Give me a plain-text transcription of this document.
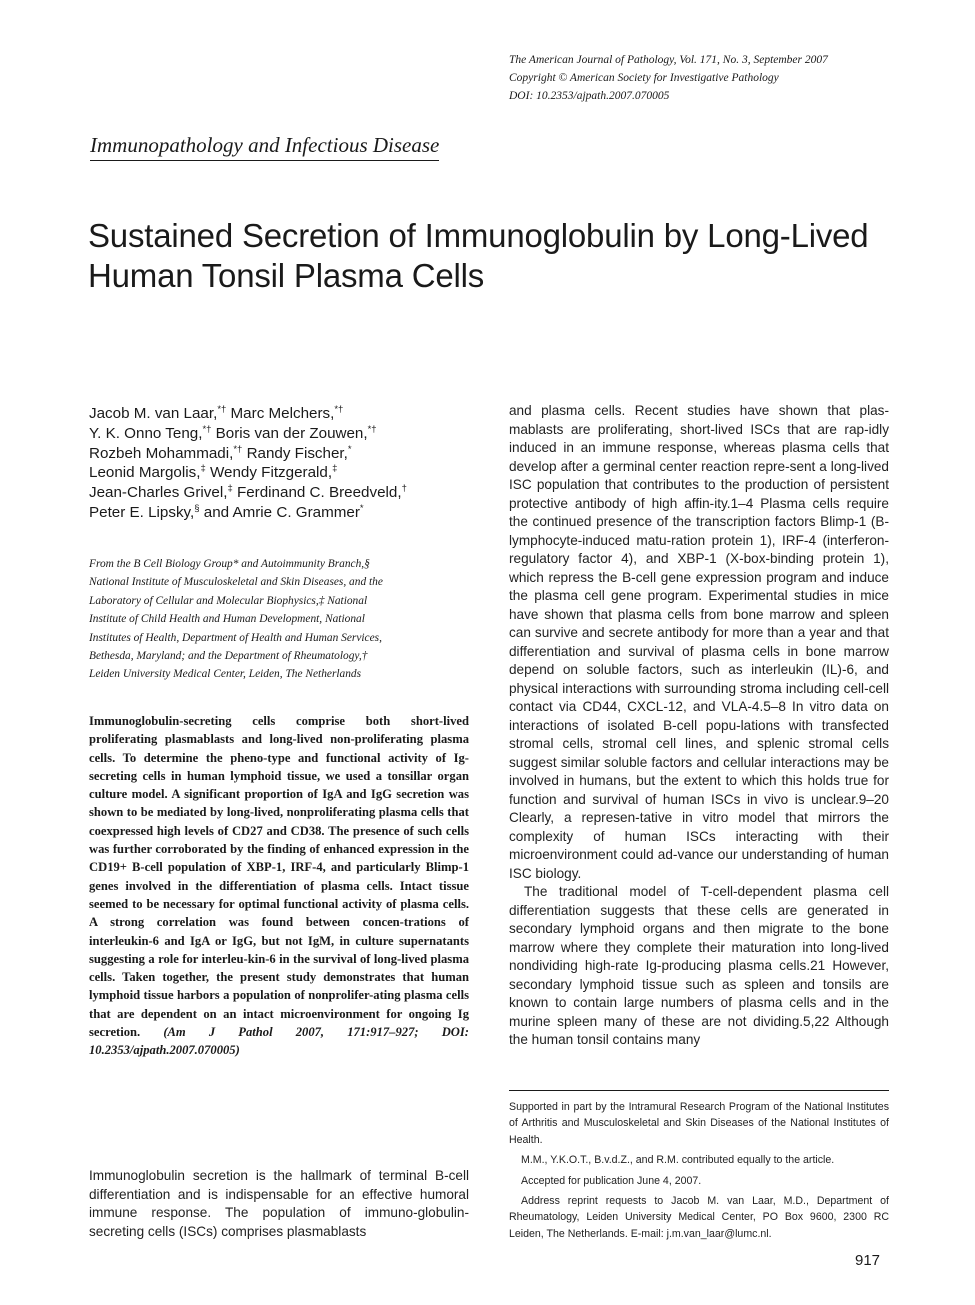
The American Journal of Pathology, Vol. 171, No. 3, September 2007
Copyright © American Society for Investigative Pathology
DOI: 10.2353/ajpath.2007.070005
Immunopathology and Infectious Disease
Sustained Secretion of Immunoglobulin by Long-Lived Human Tonsil Plasma Cells
Jacob M. van Laar,*† Marc Melchers,*†
Y. K. Onno Teng,*† Boris van der Zouwen,*†
Rozbeh Mohammadi,*† Randy Fischer,*
Leonid Margolis,‡ Wendy Fitzgerald,‡
Jean-Charles Grivel,‡ Ferdinand C. Breedveld,†
Peter E. Lipsky,§ and Amrie C. Grammer*
From the B Cell Biology Group* and Autoimmunity Branch,§
National Institute of Musculoskeletal and Skin Diseases, and the
Laboratory of Cellular and Molecular Biophysics,‡ National
Institute of Child Health and Human Development, National
Institutes of Health, Department of Health and Human Services,
Bethesda, Maryland; and the Department of Rheumatology,†
Leiden University Medical Center, Leiden, The Netherlands
Immunoglobulin-secreting cells comprise both short-lived proliferating plasmablasts and long-lived non-proliferating plasma cells. To determine the pheno-type and functional activity of Ig-secreting cells in human lymphoid tissue, we used a tonsillar organ culture model. A significant proportion of IgA and IgG secretion was shown to be mediated by long-lived, nonproliferating plasma cells that coexpressed high levels of CD27 and CD38. The presence of such cells was further corroborated by the finding of enhanced expression in the CD19+ B-cell population of XBP-1, IRF-4, and particularly Blimp-1 genes involved in the differentiation of plasma cells. Intact tissue seemed to be necessary for optimal functional activity of plasma cells. A strong correlation was found between concen-trations of interleukin-6 and IgA or IgG, but not IgM, in culture supernatants suggesting a role for interleu-kin-6 in the survival of long-lived plasma cells. Taken together, the present study demonstrates that human lymphoid tissue harbors a population of nonprolifer-ating plasma cells that are dependent on an intact microenvironment for ongoing Ig secretion. (Am J Pathol 2007, 171:917–927; DOI: 10.2353/ajpath.2007.070005)
Immunoglobulin secretion is the hallmark of terminal B-cell differentiation and is indispensable for an effective humoral immune response. The population of immuno-globulin-secreting cells (ISCs) comprises plasmablasts

and plasma cells. Recent studies have shown that plas-mablasts are proliferating, short-lived ISCs that are rap-idly induced in an immune response, whereas plasma cells that develop after a germinal center reaction repre-sent a long-lived ISC population that contributes to the production of persistent protective antibody of high affin-ity.1–4 Plasma cells require the continued presence of the transcription factors Blimp-1 (B-lymphocyte-induced matu-ration protein 1), IRF-4 (interferon-regulatory factor 4), and XBP-1 (X-box-binding protein 1), which repress the B-cell gene expression program and induce the plasma cell gene program. Experimental studies in mice have shown that plasma cells from bone marrow and spleen can survive and secrete antibody for more than a year and that differentiation and survival of plasma cells in bone marrow depend on soluble factors, such as interleukin (IL)-6, and physical interactions with surrounding stroma including cell-cell contact via CD44, CXCL-12, and VLA-4.5–8 In vitro data on interactions of isolated B-cell popu-lations with transfected stromal cells, stromal cell lines, and splenic stromal cells suggest similar soluble factors and cellular interactions may be involved in humans, but the extent to which this holds true for function and survival of human ISCs in vivo is unclear.9–20 Clearly, a represen-tative in vitro model that mirrors the complexity of human ISCs interacting with their microenvironment could ad-vance our understanding of human ISC biology.

The traditional model of T-cell-dependent plasma cell differentiation suggests that these cells are generated in secondary lymphoid organs and then migrate to the bone marrow where they complete their maturation into long-lived nondividing high-rate Ig-producing plasma cells.21 However, secondary lymphoid tissue such as spleen and tonsils are known to contain large numbers of plasma cells and in the murine spleen many of these are not dividing.5,22 Although the human tonsil contains many

Supported in part by the Intramural Research Program of the National Institutes of Arthritis and Musculoskeletal and Skin Diseases of the National Institutes of Health.

M.M., Y.K.O.T., B.v.d.Z., and R.M. contributed equally to the article.

Accepted for publication June 4, 2007.

Address reprint requests to Jacob M. van Laar, M.D., Department of Rheumatology, Leiden University Medical Center, PO Box 9600, 2300 RC Leiden, The Netherlands. E-mail: j.m.van_laar@lumc.nl.

917
